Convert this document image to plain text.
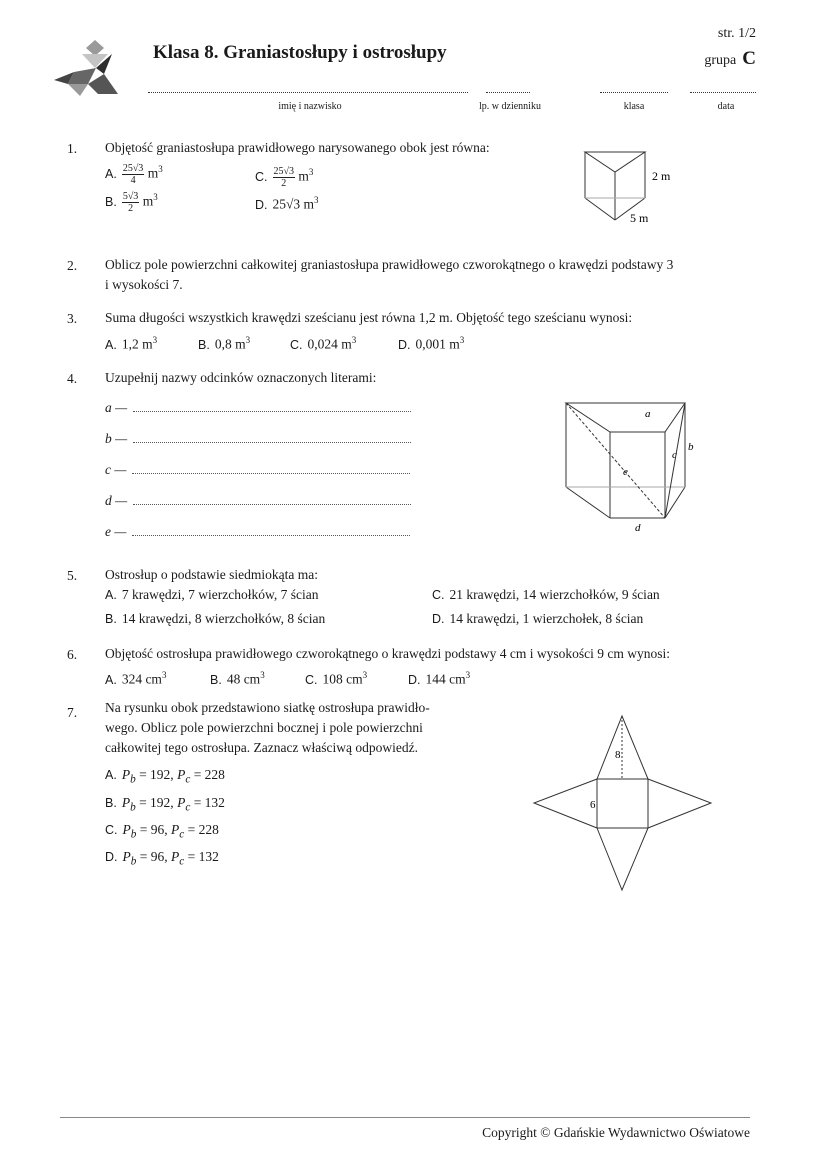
Klasa 8. Graniastosłupy i ostrosłupy
str. 1/2
grupa C
imię i nazwisko	lp. w dzienniku	klasa	data
1. Objętość graniastosłupa prawidłowego narysowanego obok jest równa:
A. $\frac{25√3}{4} m^3$
B. $\frac{5√3}{2} m^3$
C. $\frac{25√3}{2} m^3$
D. 25√3 $m^3$
2 m
5 m
2. Oblicz pole powierzchni całkowitej graniastosłupa prawidłowego czworokątnego o krawędzi podstawy 3
i wysokości 7.
3. Suma długości wszystkich krawędzi sześcianu jest równa 1,2 m. Objętość tego sześcianu wynosi:
A. 1,2 $m^3$	B. 0,8 $m^3$	C. 0,024 $m^3$	D. 0,001 $m^3$
4. Uzupełnij nazwy odcinków oznaczonych literami:
a —
b —
c —
d —
e —
a
b
c
d
e
5. Ostrosłup o podstawie siedmiokąta ma:
A. 7 krawędzi, 7 wierzchołków, 7 ścian
B. 14 krawędzi, 8 wierzchołków, 8 ścian
C. 21 krawędzi, 14 wierzchołków, 9 ścian
D. 14 krawędzi, 1 wierzchołek, 8 ścian
6. Objętość ostrosłupa prawidłowego czworokątnego o krawędzi podstawy 4 cm i wysokości 9 cm wynosi:
A. 324 $cm^3$	B. 48 $cm^3$	C. 108 $cm^3$	D. 144 $cm^3$
7. Na rysunku obok przedstawiono siatkę ostrosłupa prawidło-
wego. Oblicz pole powierzchni bocznej i pole powierzchni
całkowitej tego ostrosłupa. Zaznacz właściwą odpowiedź.
A. $P_b = 192$, $P_c = 228$
B. $P_b = 192$, $P_c = 132$
C. $P_b = 96$, $P_c = 228$
D. $P_b = 96$, $P_c = 132$
8
6
Copyright © Gdańskie Wydawnictwo Oświatowe
